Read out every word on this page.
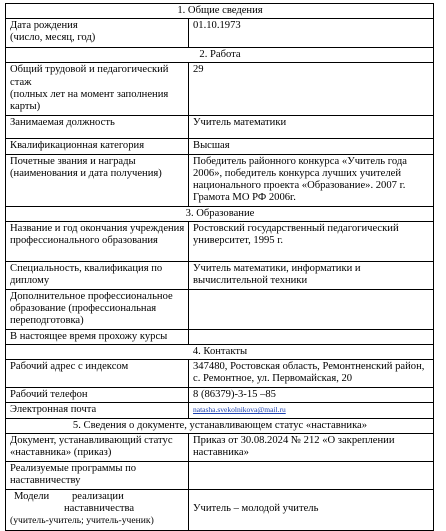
1. Общие сведения	
Дата рождения
(число, месяц, год)	01.10.1973
2. Работа	
Общий трудовой и педагогический стаж
(полных лет на момент заполнения карты)	29
Занимаемая должность	Учитель математики
Квалификационная категория	Высшая
Почетные звания и награды
(наименования и дата получения)	Победитель районного конкурса «Учитель года 2006», победитель конкурса лучших учителей национального проекта «Образование». 2007 г. Грамота МО РФ 2006г.
3. Образование	
Название и год окончания учреждения профессионального образования	Ростовский государственный педагогический университет, 1995 г.
Специальность, квалификация по диплому	Учитель математики, информатики и вычислительной техники
Дополнительное профессиональное образование (профессиональная переподготовка)	
В настоящее время прохожу курсы	
4. Контакты	
Рабочий адрес с индексом	347480, Ростовская область, Ремонтненский район, с. Ремонтное, ул. Первомайская, 20
Рабочий телефон	8 (86379)-3-15 –85
Электронная почта	natasha.svekolnikova@mail.ru
5. Сведения о документе, устанавливающем статус «наставника»	
Документ, устанавливающий статус «наставника» (приказ)	Приказ от 30.08.2024 № 212 «О закреплении наставника»
Реализуемые программы по наставничеству	

Модели реализации
наставничества
(учитель-учитель; учитель-ученик)	Учитель – молодой учитель
